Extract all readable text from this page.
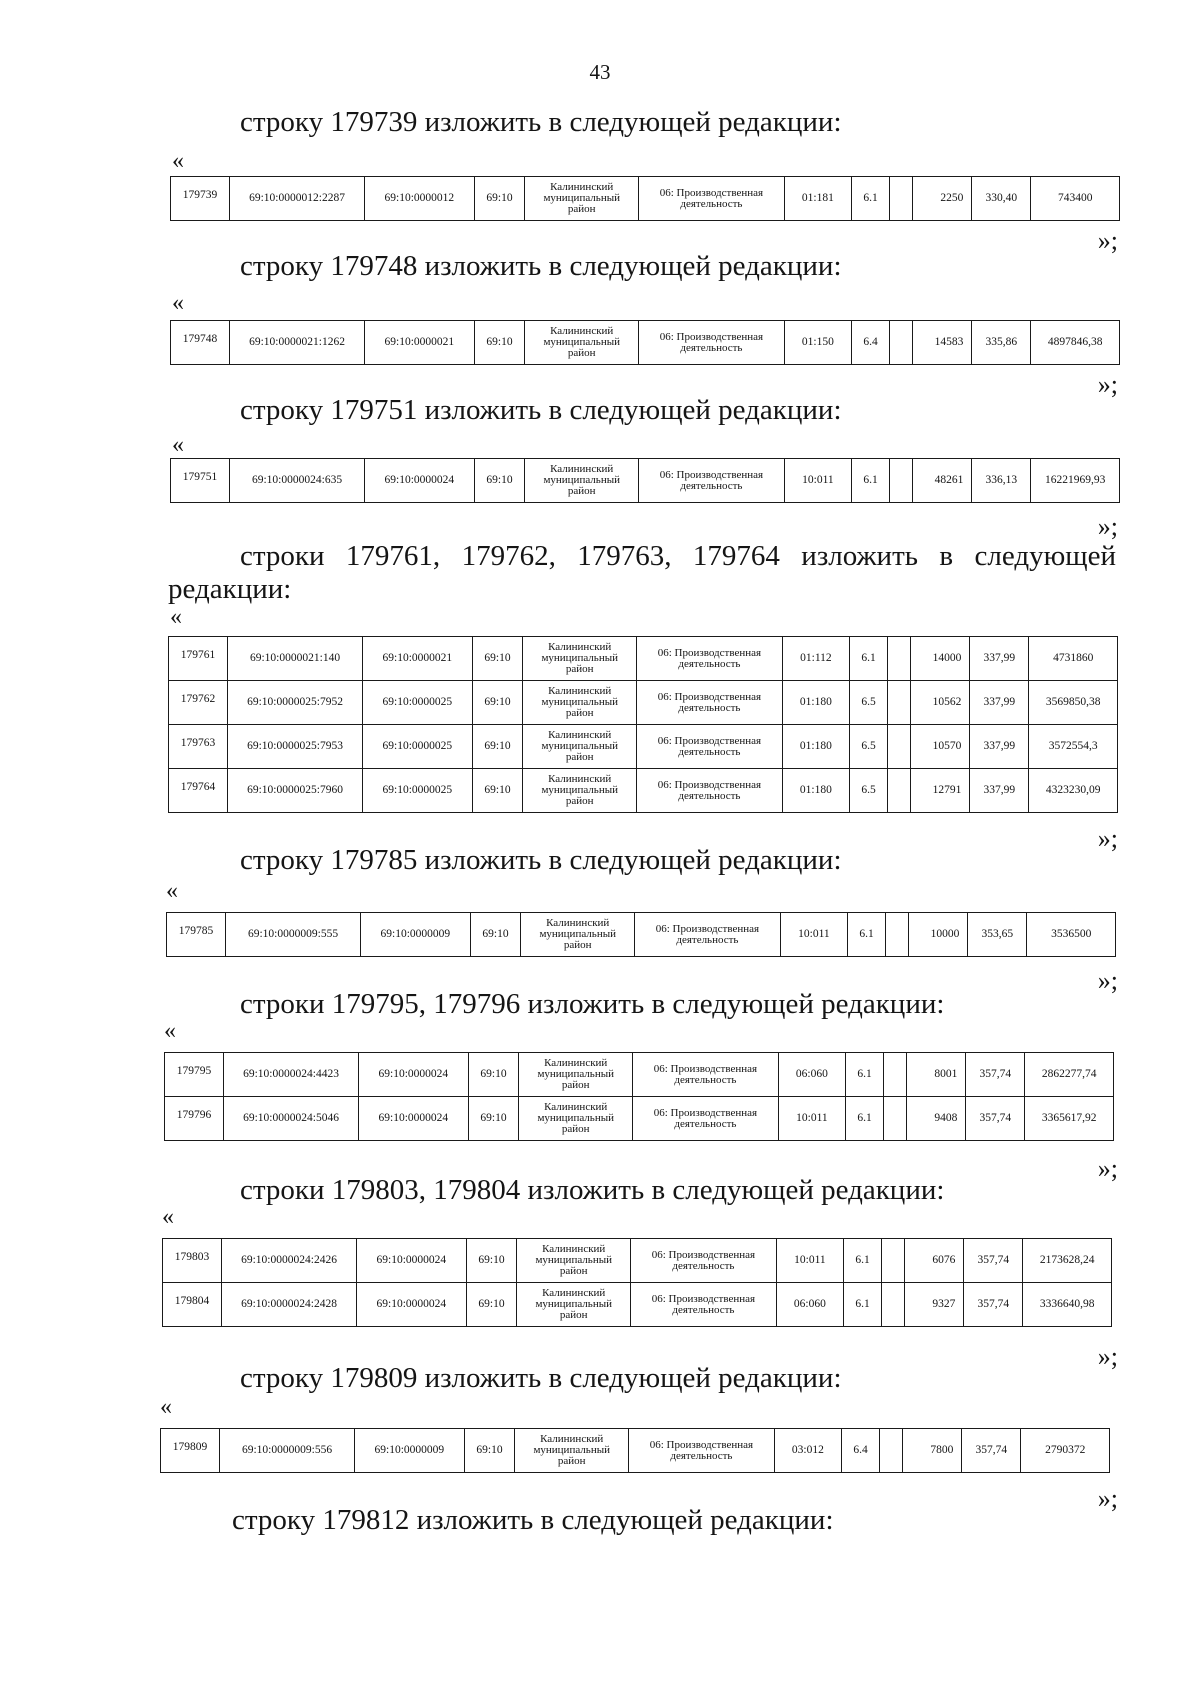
43
строку 179739 изложить в следующей редакции:
«
179739	69:10:0000012:2287	69:10:0000012	69:10	Калининский муниципальный район	06: Производственная деятельность	01:181	6.1		2250	330,40	743400
»;
строку 179748 изложить в следующей редакции:
«
179748	69:10:0000021:1262	69:10:0000021	69:10	Калининский муниципальный район	06: Производственная деятельность	01:150	6.4		14583	335,86	4897846,38
»;
строку 179751 изложить в следующей редакции:
«
179751	69:10:0000024:635	69:10:0000024	69:10	Калининский муниципальный район	06: Производственная деятельность	10:011	6.1		48261	336,13	16221969,93
»;
строки 179761, 179762, 179763, 179764 изложить в следующей
редакции:
«
179761	69:10:0000021:140	69:10:0000021	69:10	Калининский муниципальный район	06: Производственная деятельность	01:112	6.1		14000	337,99	4731860
179762	69:10:0000025:7952	69:10:0000025	69:10	Калининский муниципальный район	06: Производственная деятельность	01:180	6.5		10562	337,99	3569850,38
179763	69:10:0000025:7953	69:10:0000025	69:10	Калининский муниципальный район	06: Производственная деятельность	01:180	6.5		10570	337,99	3572554,3
179764	69:10:0000025:7960	69:10:0000025	69:10	Калининский муниципальный район	06: Производственная деятельность	01:180	6.5		12791	337,99	4323230,09
»;
строку 179785 изложить в следующей редакции:
«
179785	69:10:0000009:555	69:10:0000009	69:10	Калининский муниципальный район	06: Производственная деятельность	10:011	6.1		10000	353,65	3536500
»;
строки 179795, 179796 изложить в следующей редакции:
«
179795	69:10:0000024:4423	69:10:0000024	69:10	Калининский муниципальный район	06: Производственная деятельность	06:060	6.1		8001	357,74	2862277,74
179796	69:10:0000024:5046	69:10:0000024	69:10	Калининский муниципальный район	06: Производственная деятельность	10:011	6.1		9408	357,74	3365617,92
»;
строки 179803, 179804 изложить в следующей редакции:
«
179803	69:10:0000024:2426	69:10:0000024	69:10	Калининский муниципальный район	06: Производственная деятельность	10:011	6.1		6076	357,74	2173628,24
179804	69:10:0000024:2428	69:10:0000024	69:10	Калининский муниципальный район	06: Производственная деятельность	06:060	6.1		9327	357,74	3336640,98
»;
строку 179809 изложить в следующей редакции:
«
179809	69:10:0000009:556	69:10:0000009	69:10	Калининский муниципальный район	06: Производственная деятельность	03:012	6.4		7800	357,74	2790372
»;
строку 179812 изложить в следующей редакции:
